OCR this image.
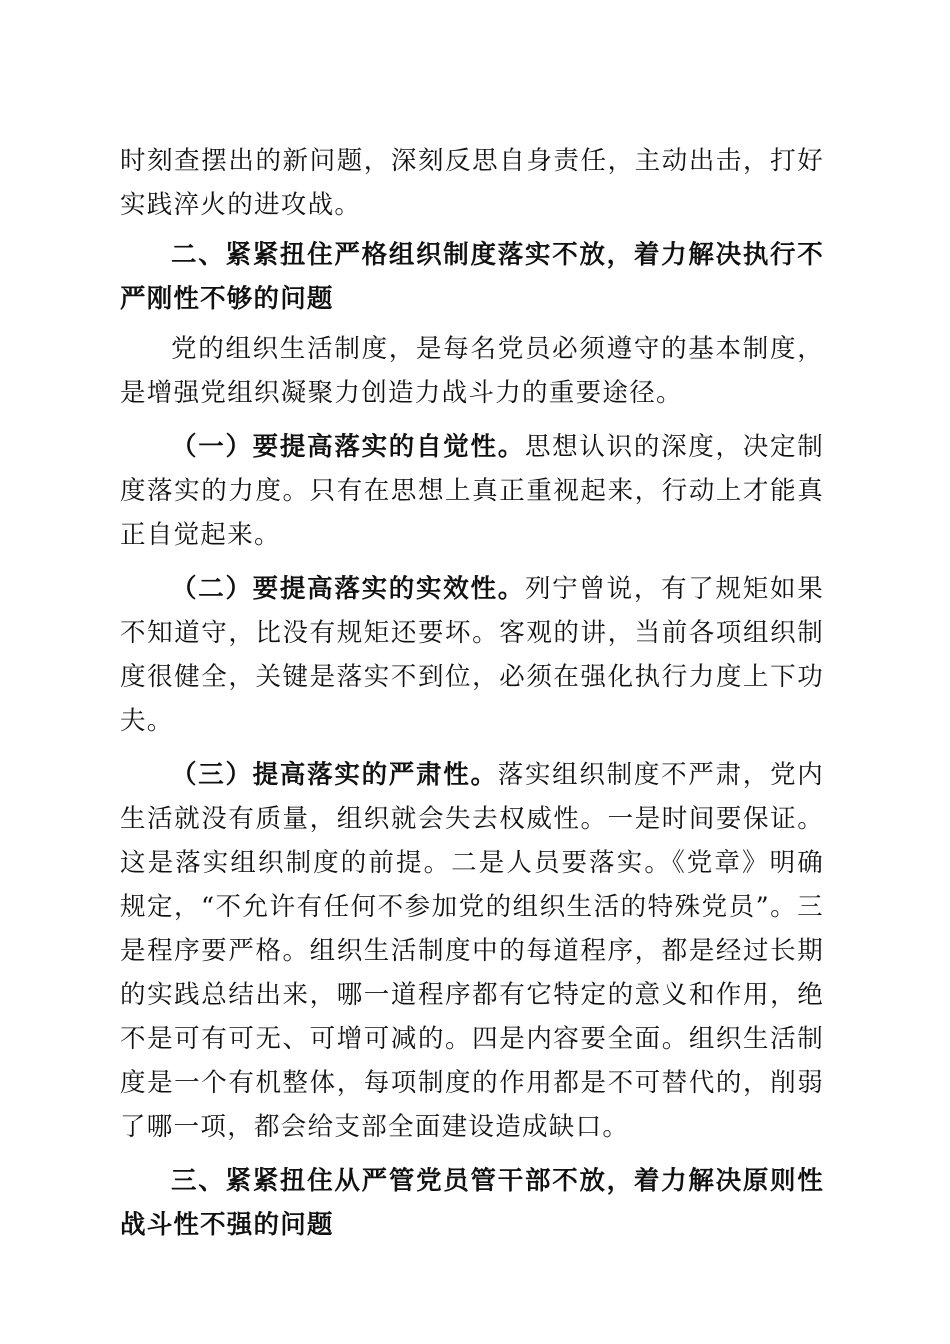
时刻查摆出的新问题，深刻反思自身责任，主动出击，打好实践淬火的进攻战。

二、紧紧扭住严格组织制度落实不放，着力解决执行不严刚性不够的问题

党的组织生活制度，是每名党员必须遵守的基本制度，是增强党组织凝聚力创造力战斗力的重要途径。

（一）要提高落实的自觉性。思想认识的深度，决定制度落实的力度。只有在思想上真正重视起来，行动上才能真正自觉起来。

（二）要提高落实的实效性。列宁曾说，有了规矩如果不知道守，比没有规矩还要坏。客观的讲，当前各项组织制度很健全，关键是落实不到位，必须在强化执行力度上下功夫。

（三）提高落实的严肃性。落实组织制度不严肃，党内生活就没有质量，组织就会失去权威性。一是时间要保证。这是落实组织制度的前提。二是人员要落实。《党章》明确规定，“不允许有任何不参加党的组织生活的特殊党员”。三是程序要严格。组织生活制度中的每道程序，都是经过长期的实践总结出来，哪一道程序都有它特定的意义和作用，绝不是可有可无、可增可减的。四是内容要全面。组织生活制度是一个有机整体，每项制度的作用都是不可替代的，削弱了哪一项，都会给支部全面建设造成缺口。

三、紧紧扭住从严管党员管干部不放，着力解决原则性战斗性不强的问题
